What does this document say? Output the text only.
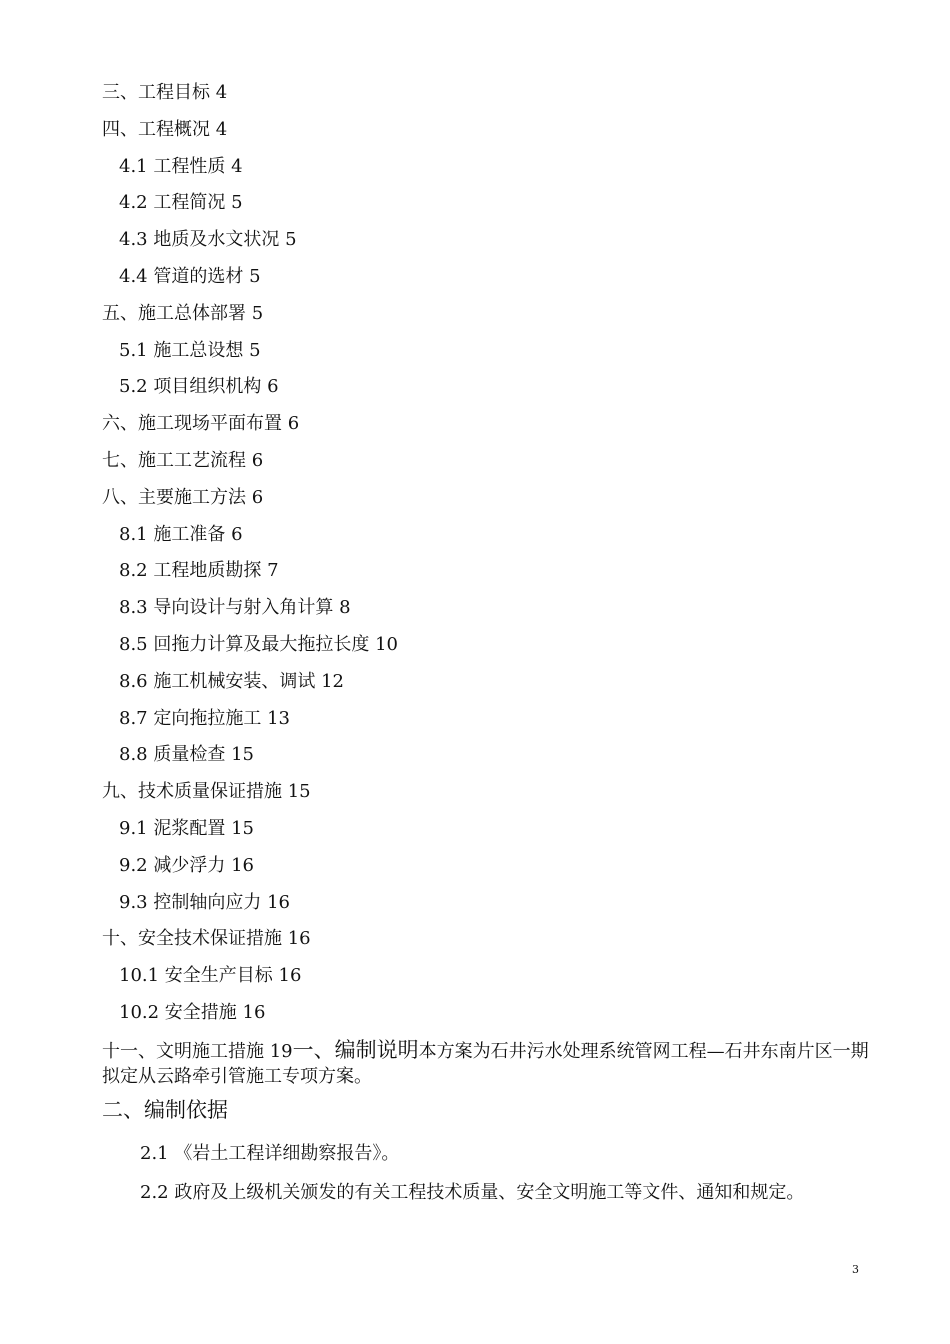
三、工程目标 4
四、工程概况 4
4.1 工程性质 4
4.2 工程简况 5
4.3 地质及水文状况 5
4.4 管道的选材 5
五、施工总体部署 5
5.1 施工总设想 5
5.2 项目组织机构 6
六、施工现场平面布置 6
七、施工工艺流程 6
八、主要施工方法 6
8.1 施工准备 6
8.2 工程地质勘探 7
8.3 导向设计与射入角计算 8
8.5 回拖力计算及最大拖拉长度 10
8.6 施工机械安装、调试 12
8.7 定向拖拉施工 13
8.8 质量检查 15
九、技术质量保证措施 15
9.1 泥浆配置 15
9.2 减少浮力 16
9.3 控制轴向应力 16
十、安全技术保证措施 16
10.1 安全生产目标 16
10.2 安全措施 16
十一、文明施工措施 19一、编制说明本方案为石井污水处理系统管网工程—石井东南片区一期拟定从云路牵引管施工专项方案。
二、编制依据
2.1 《岩土工程详细勘察报告》。
2.2 政府及上级机关颁发的有关工程技术质量、安全文明施工等文件、通知和规定。
3
